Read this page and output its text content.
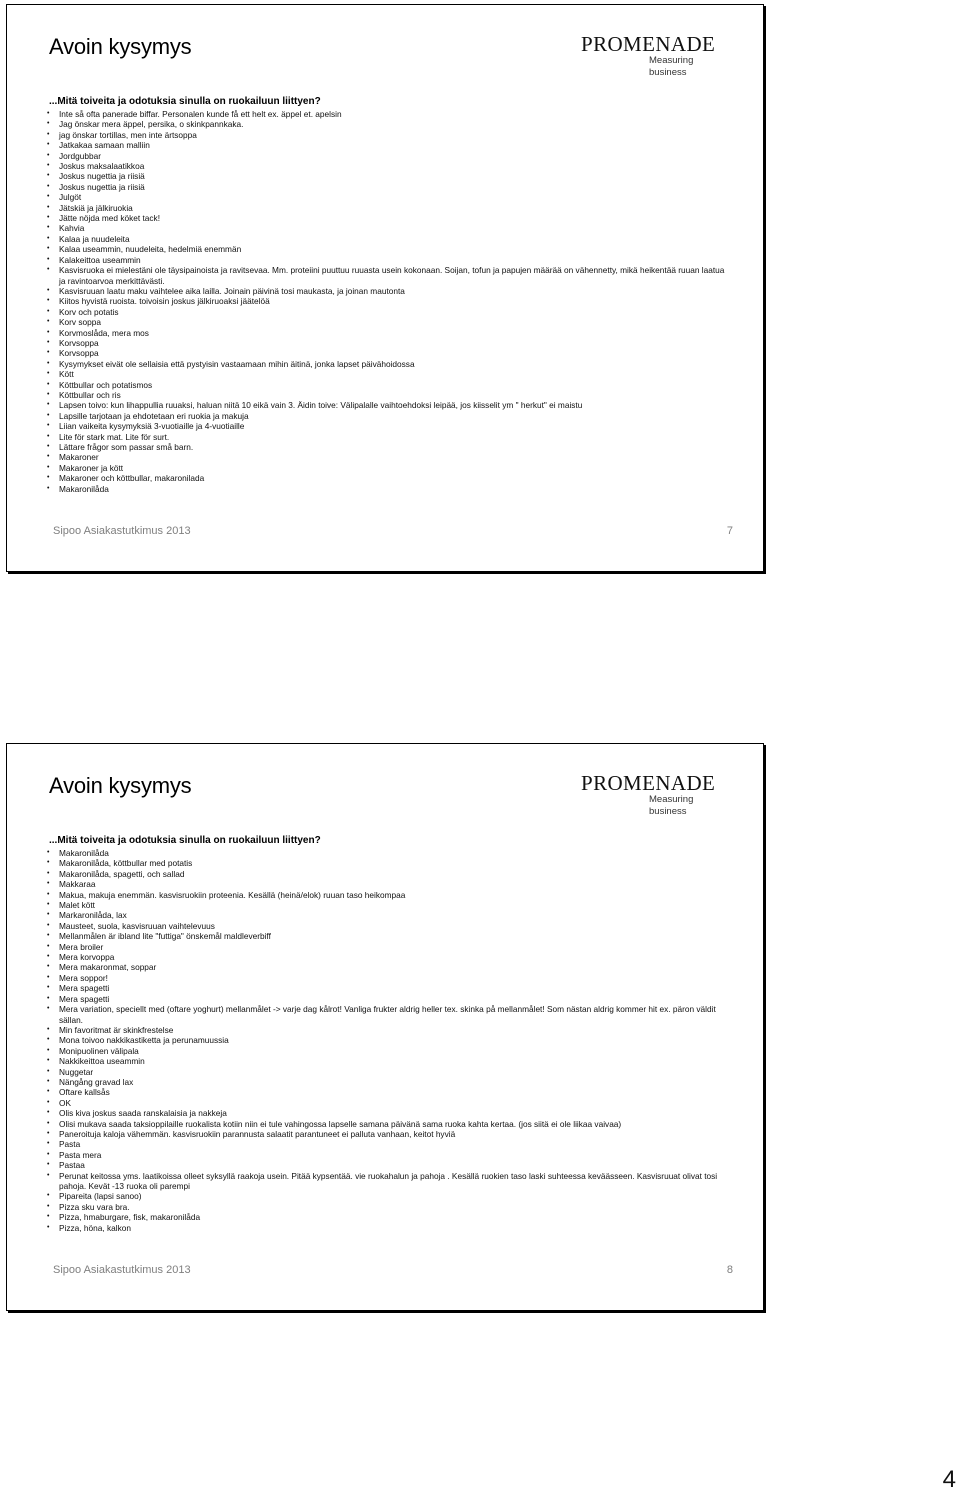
Avoin kysymys	PROMENADE
Measuring business
...Mitä toiveita ja odotuksia sinulla on ruokailuun liittyen?
• Inte så ofta panerade biffar. Personalen kunde få ett helt ex. äppel et. apelsin
• Jag önskar mera äppel, persika, o skinkpannkaka.
• jag önskar tortillas, men inte ärtsoppa
• Jatkakaa samaan malliin
• Jordgubbar
• Joskus maksalaatikkoa
• Joskus nugettia ja riisiä
• Joskus nugettia ja riisiä
• Julgöt
• Jätskiä ja jälkiruokia
• Jätte nöjda med köket tack!
• Kahvia
• Kalaa ja nuudeleita
• Kalaa useammin, nuudeleita, hedelmiä enemmän
• Kalakeittoa useammin
• Kasvisruoka ei mielestäni ole täysipainoista ja ravitsevaa. Mm. proteiini puuttuu ruuasta usein kokonaan. Soijan, tofun ja papujen määrää on vähennetty, mikä heikentää ruuan laatua ja ravintoarvoa merkittävästi.
• Kasvisruuan laatu maku vaihtelee aika lailla. Joinain päivinä tosi maukasta, ja joinan mautonta
• Kiitos hyvistä ruoista. toivoisin joskus jälkiruoaksi jäätelöä
• Korv och potatis
• Korv soppa
• Korvmoslåda, mera mos
• Korvsoppa
• Korvsoppa
• Kysymykset eivät ole sellaisia että pystyisin vastaamaan mihin äitinä, jonka lapset päivähoidossa
• Kött
• Köttbullar och potatismos
• Köttbullar och ris
• Lapsen toivo: kun lihappullia ruuaksi, haluan niitä 10 eikä vain 3. Äidin toive: Välipalalle vaihtoehdoksi leipää, jos kiisselit ym " herkut" ei maistu
• Lapsille tarjotaan ja ehdotetaan eri ruokia ja makuja
• Liian vaikeita kysymyksiä 3-vuotiaille ja 4-vuotiaille
• Lite för stark mat. Lite för surt.
• Lättare frågor som passar små barn.
• Makaroner
• Makaroner ja kött
• Makaroner och köttbullar, makaronilada
• Makaronilåda
Sipoo Asiakastutkimus 2013	7
Avoin kysymys	PROMENADE
Measuring business
...Mitä toiveita ja odotuksia sinulla on ruokailuun liittyen?
• Makaronilåda
• Makaronilåda, köttbullar med potatis
• Makaronilåda, spagetti, och sallad
• Makkaraa
• Makua, makuja enemmän. kasvisruokiin proteenia. Kesällä (heinä/elok) ruuan taso heikompaa
• Malet kött
• Markaronilåda, lax
• Mausteet, suola, kasvisruuan vaihtelevuus
• Mellanmålen är ibland lite "futtiga" önskemål maldleverbiff
• Mera broiler
• Mera korvoppa
• Mera makaronmat, soppar
• Mera soppor!
• Mera spagetti
• Mera spagetti
• Mera variation, speciellt med (oftare yoghurt) mellanmålet -> varje dag kålrot! Vanliga frukter aldrig heller tex. skinka på mellanmålet! Som nästan aldrig kommer hit ex. päron väldit sällan.
• Min favoritmat är skinkfrestelse
• Mona toivoo nakkikastiketta ja perunamuussia
• Monipuolinen välipala
• Nakkikeittoa useammin
• Nuggetar
• Nängång gravad lax
• Oftare kallsås
• OK
• Olis kiva joskus saada ranskalaisia ja nakkeja
• Olisi mukava saada taksioppilaille ruokalista kotiin niin ei tule vahingossa lapselle samana päivänä sama ruoka kahta kertaa. (jos siitä ei ole liikaa vaivaa)
• Paneroituja kaloja vähemmän. kasvisruokiin parannusta salaatit parantuneet ei palluta vanhaan, keitot hyviä
• Pasta
• Pasta mera
• Pastaa
• Perunat keitossa yms. laatikoissa olleet syksyllä raakoja usein. Pitää kypsentää. vie ruokahalun ja pahoja . Kesällä ruokien taso laski suhteessa keväässeen. Kasvisruuat olivat tosi pahoja. Kevät -13 ruoka oli parempi
• Pipareita (lapsi sanoo)
• Pizza sku vara bra.
• Pizza, hmaburgare, fisk, makaronilåda
• Pizza, höna, kalkon
Sipoo Asiakastutkimus 2013	8
4
